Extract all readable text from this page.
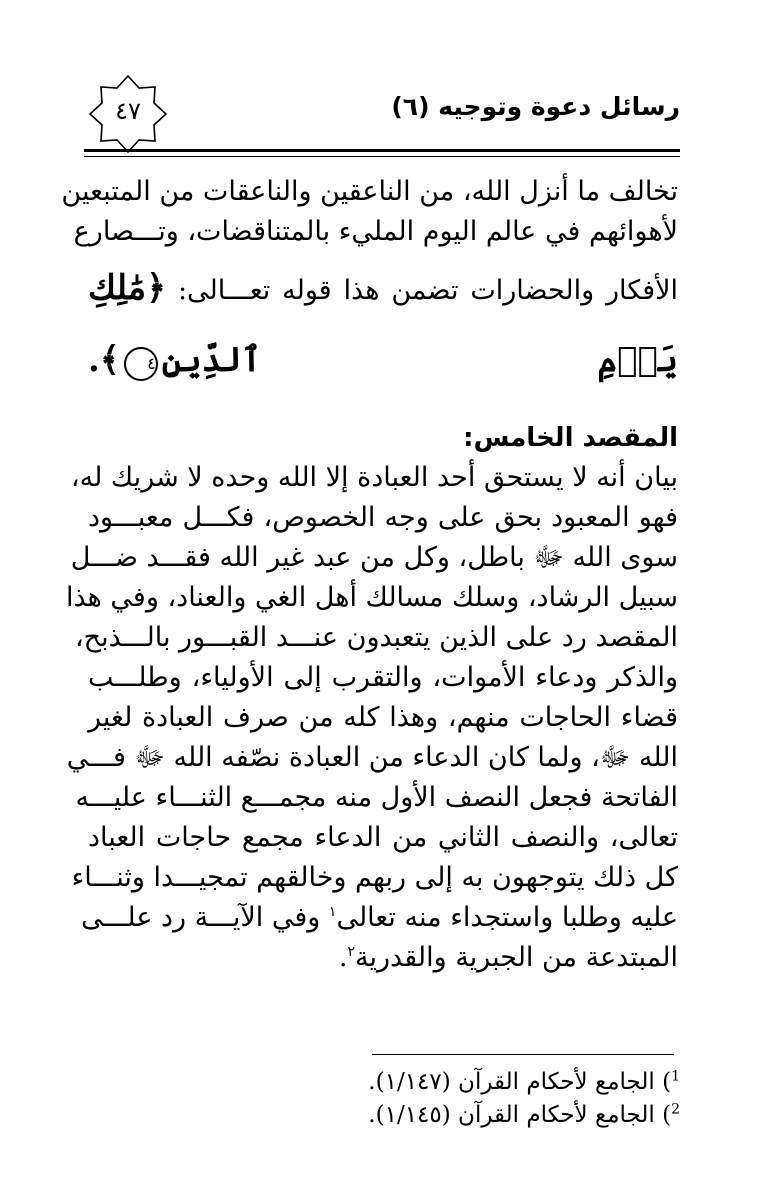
رسائل دعوة وتوجيه (٦)
٤٧
تخالف ما أنزل الله، من الناعقين والناعقات من المتبعين
لأهوائهم في عالم اليوم المليء بالمتناقضات، وتـــصارع
الأفكار والحضارات تضمن هذا قوله تعـــالى: ﴿مَٰلِكِ
يَوۡمِ ٱلدِّينِ٤﴾.
المقصد الخامس:
بيان أنه لا يستحق أحد العبادة إلا الله وحده لا شريك له،
فهو المعبود بحق على وجه الخصوص، فكـــل معبـــود
سوى الله ﷻ باطل، وكل من عبد غير الله فقـــد ضـــل
سبيل الرشاد، وسلك مسالك أهل الغي والعناد، وفي هذا
المقصد رد على الذين يتعبدون عنـــد القبـــور بالـــذبح،
والذكر ودعاء الأموات، والتقرب إلى الأولياء، وطلـــب
قضاء الحاجات منهم، وهذا كله من صرف العبادة لغير
الله ﷻ، ولما كان الدعاء من العبادة نصّفه الله ﷻ فـــي
الفاتحة فجعل النصف الأول منه مجمـــع الثنـــاء عليـــه
تعالى، والنصف الثاني من الدعاء مجمع حاجات العباد
كل ذلك يتوجهون به إلى ربهم وخالقهم تمجيـــدا وثنـــاء
عليه وطلبا واستجداء منه تعالى$^١$ وفي الآيـــة رد علـــى
المبتدعة من الجبرية والقدرية$^٢$.
$^1$) الجامع لأحكام القرآن (١/١٤٧).
$^2$) الجامع لأحكام القرآن (١/١٤٥).
